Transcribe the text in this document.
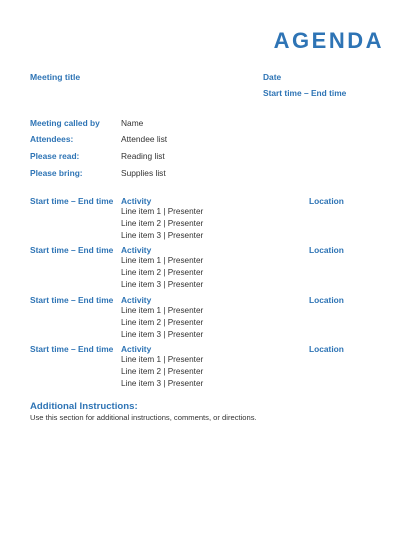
AGENDA
Meeting title	Date
Start time – End time
Meeting called by	Name
Attendees:	Attendee list
Please read:	Reading list
Please bring:	Supplies list
Start time – End time Activity	Location
Line item 1 | Presenter
Line item 2 | Presenter
Line item 3 | Presenter
Start time – End time Activity	Location
Line item 1 | Presenter
Line item 2 | Presenter
Line item 3 | Presenter
Start time – End time Activity	Location
Line item 1 | Presenter
Line item 2 | Presenter
Line item 3 | Presenter
Start time – End time Activity	Location
Line item 1 | Presenter
Line item 2 | Presenter
Line item 3 | Presenter
Additional Instructions:
Use this section for additional instructions, comments, or directions.
